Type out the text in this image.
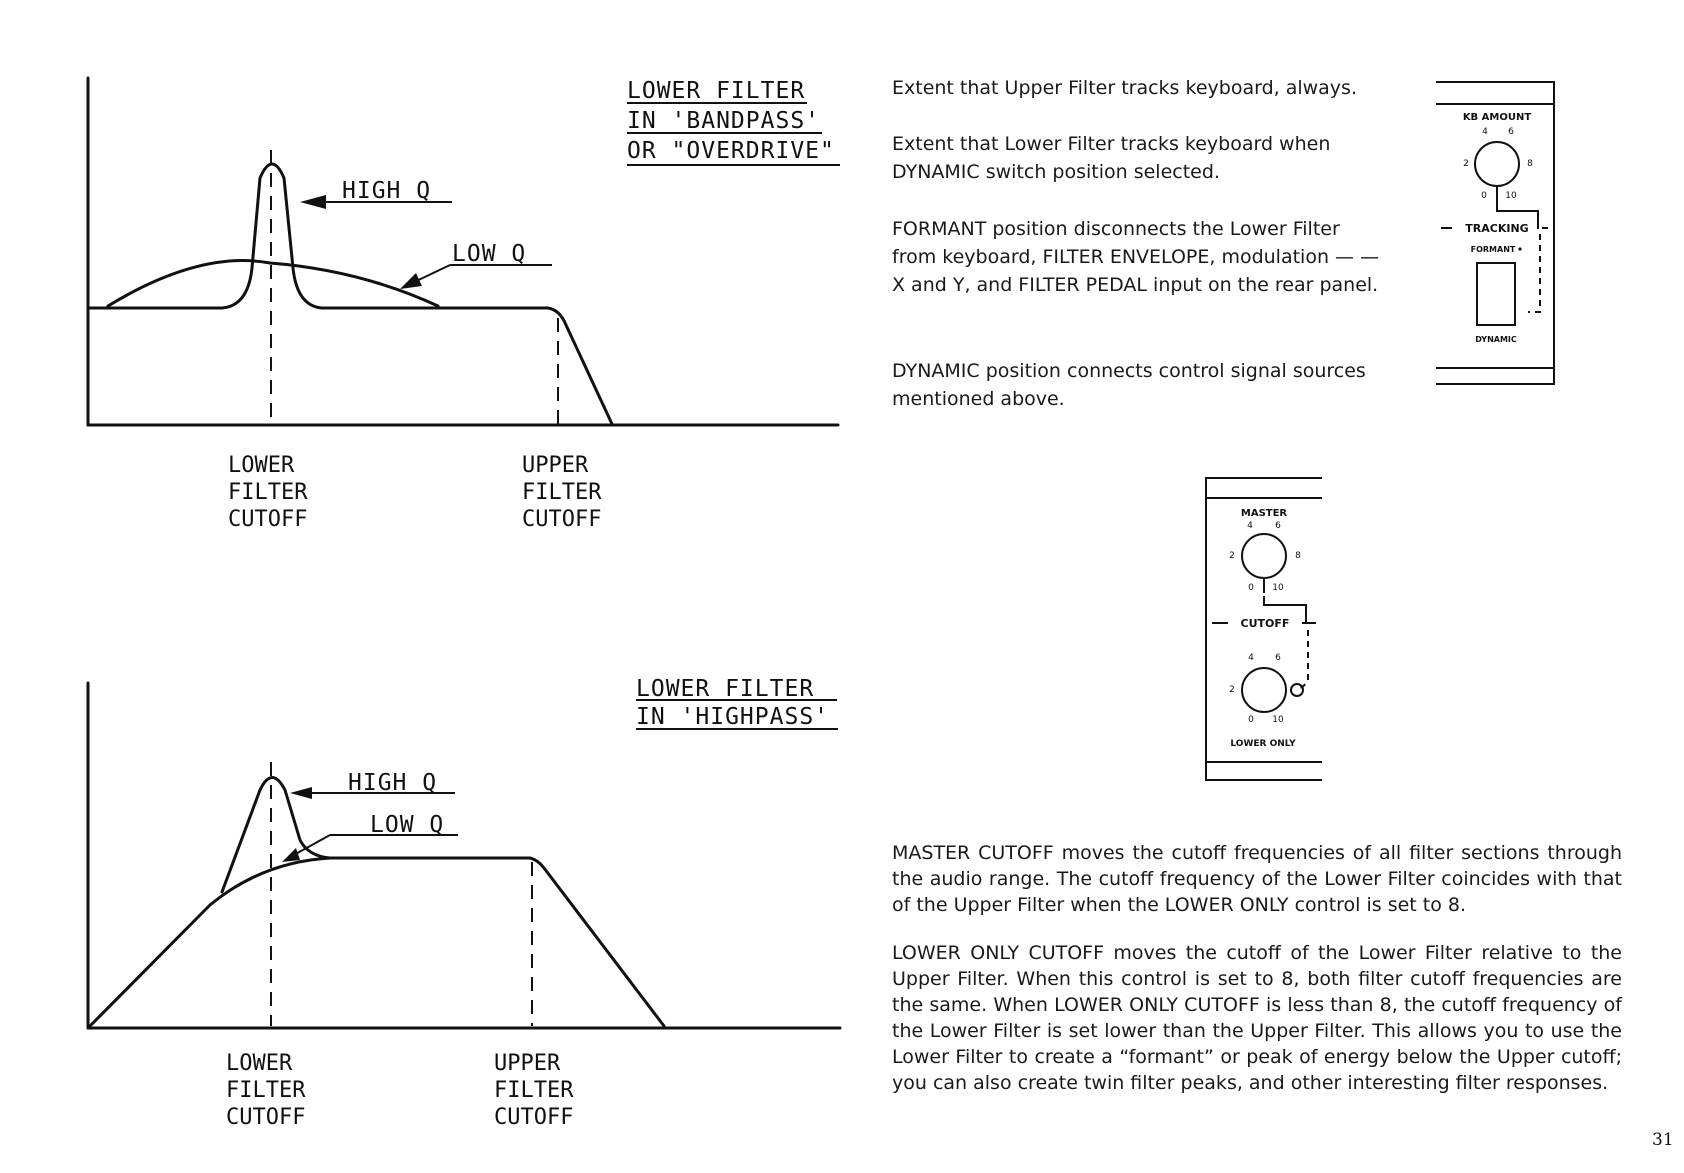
LOWER FILTER
IN 'BANDPASS'
OR "OVERDRIVE"
HIGH Q
LOW Q
LOWER
FILTER
CUTOFF
UPPER
FILTER
CUTOFF
LOWER FILTER
IN 'HIGHPASS'
HIGH Q
LOW Q
LOWER
FILTER
CUTOFF
UPPER
FILTER
CUTOFF
Extent that Upper Filter tracks keyboard, always.
Extent that Lower Filter tracks keyboard when DYNAMIC switch position selected.
FORMANT position disconnects the Lower Filter from keyboard, FILTER ENVELOPE, modulation — — X and Y, and FILTER PEDAL input on the rear panel.
DYNAMIC position connects control signal sources mentioned above.
KB AMOUNT
4 6
2	8
0 10
TRACKING
FORMANT
DYNAMIC
MASTER
4 6
2	8
0 10
CUTOFF
4 6
2
0 10
LOWER ONLY
MASTER CUTOFF moves the cutoff frequencies of all filter sections through the audio range. The cutoff frequency of the Lower Filter coincides with that of the Upper Filter when the LOWER ONLY control is set to 8.
LOWER ONLY CUTOFF moves the cutoff of the Lower Filter relative to the Upper Filter. When this control is set to 8, both filter cutoff frequencies are the same. When LOWER ONLY CUTOFF is less than 8, the cutoff frequency of the Lower Filter is set lower than the Upper Filter. This allows you to use the Lower Filter to create a “formant” or peak of energy below the Upper cutoff; you can also create twin filter peaks, and other interesting filter responses.
31
